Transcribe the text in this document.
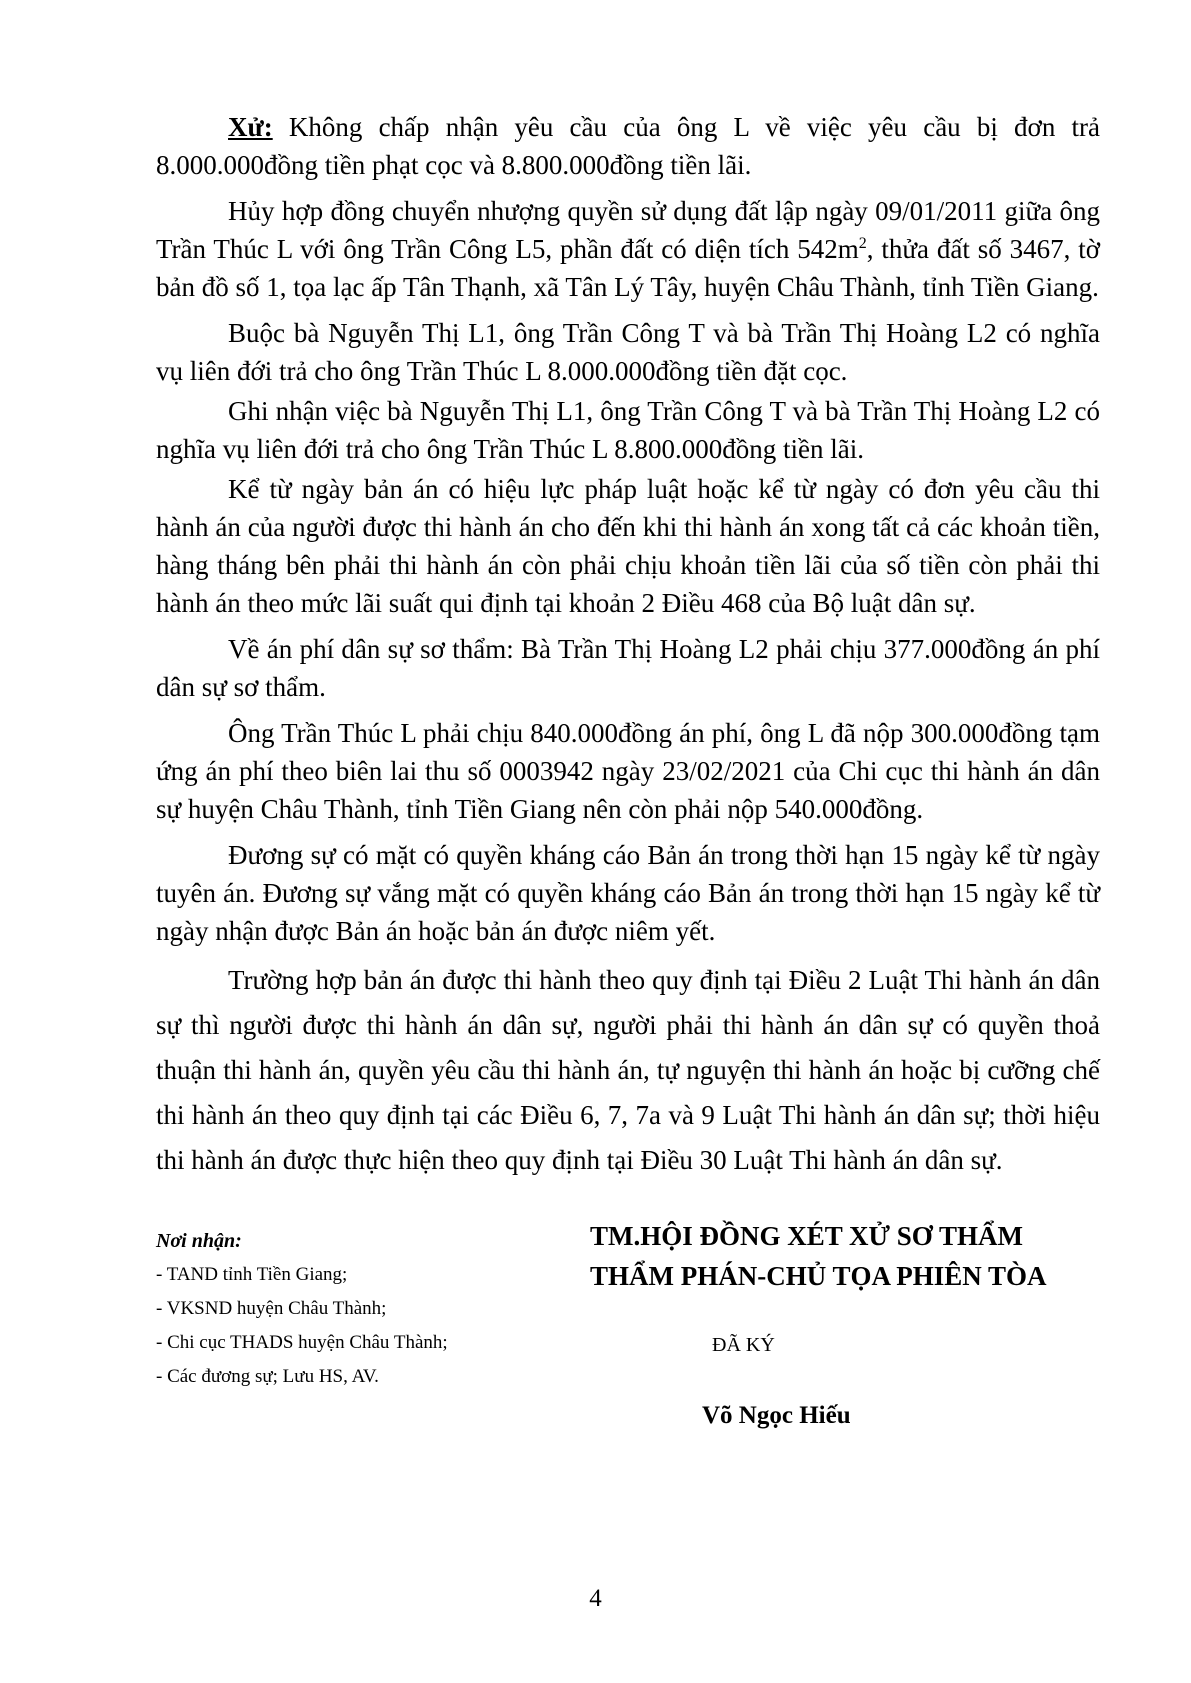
Xử: Không chấp nhận yêu cầu của ông L về việc yêu cầu bị đơn trả 8.000.000đồng tiền phạt cọc và 8.800.000đồng tiền lãi.

Hủy hợp đồng chuyển nhượng quyền sử dụng đất lập ngày 09/01/2011 giữa ông Trần Thúc L với ông Trần Công L5, phần đất có diện tích $542m^2$, thửa đất số 3467, tờ bản đồ số 1, tọa lạc ấp Tân Thạnh, xã Tân Lý Tây, huyện Châu Thành, tỉnh Tiền Giang.

Buộc bà Nguyễn Thị L1, ông Trần Công T và bà Trần Thị Hoàng L2 có nghĩa vụ liên đới trả cho ông Trần Thúc L 8.000.000đồng tiền đặt cọc.

Ghi nhận việc bà Nguyễn Thị L1, ông Trần Công T và bà Trần Thị Hoàng L2 có nghĩa vụ liên đới trả cho ông Trần Thúc L 8.800.000đồng tiền lãi.

Kể từ ngày bản án có hiệu lực pháp luật hoặc kể từ ngày có đơn yêu cầu thi hành án của người được thi hành án cho đến khi thi hành án xong tất cả các khoản tiền, hàng tháng bên phải thi hành án còn phải chịu khoản tiền lãi của số tiền còn phải thi hành án theo mức lãi suất qui định tại khoản 2 Điều 468 của Bộ luật dân sự.

Về án phí dân sự sơ thẩm: Bà Trần Thị Hoàng L2 phải chịu 377.000đồng án phí dân sự sơ thẩm.

Ông Trần Thúc L phải chịu 840.000đồng án phí, ông L đã nộp 300.000đồng tạm ứng án phí theo biên lai thu số 0003942 ngày 23/02/2021 của Chi cục thi hành án dân sự huyện Châu Thành, tỉnh Tiền Giang nên còn phải nộp 540.000đồng.

Đương sự có mặt có quyền kháng cáo Bản án trong thời hạn 15 ngày kể từ ngày tuyên án. Đương sự vắng mặt có quyền kháng cáo Bản án trong thời hạn 15 ngày kể từ ngày nhận được Bản án hoặc bản án được niêm yết.

Trường hợp bản án được thi hành theo quy định tại Điều 2 Luật Thi hành án dân sự thì người được thi hành án dân sự, người phải thi hành án dân sự có quyền thoả thuận thi hành án, quyền yêu cầu thi hành án, tự nguyện thi hành án hoặc bị cưỡng chế thi hành án theo quy định tại các Điều 6, 7, 7a và 9 Luật Thi hành án dân sự; thời hiệu thi hành án được thực hiện theo quy định tại Điều 30 Luật Thi hành án dân sự.

Nơi nhận:
- TAND tỉnh Tiền Giang;
- VKSND huyện Châu Thành;
- Chi cục THADS huyện Châu Thành;
- Các đương sự; Lưu HS, AV.
TM.HỘI ĐỒNG XÉT XỬ SƠ THẨM
THẨM PHÁN-CHỦ TỌA PHIÊN TÒA
ĐÃ KÝ
Võ Ngọc Hiếu
4
